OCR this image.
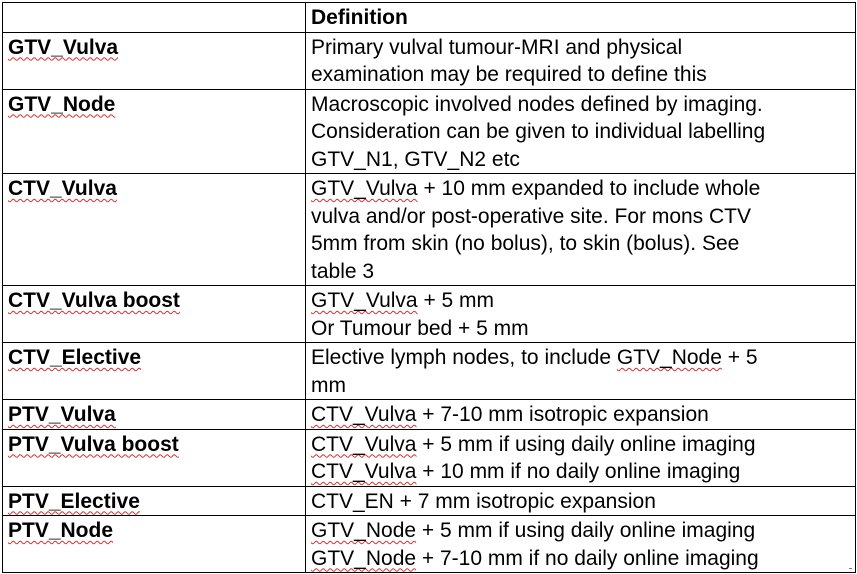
	Definition
GTV_Vulva	Primary vulval tumour-MRI and physical
examination may be required to define this

GTV_Node	Macroscopic involved nodes defined by imaging.
Consideration can be given to individual labelling
GTV_N1, GTV_N2 etc

CTV_Vulva	GTV_Vulva + 10 mm expanded to include whole
vulva and/or post-operative site. For mons CTV
5mm from skin (no bolus), to skin (bolus). See
table 3

CTV_Vulva boost	GTV_Vulva + 5 mm
Or Tumour bed + 5 mm

CTV_Elective	Elective lymph nodes, to include GTV_Node + 5
mm

PTV_Vulva	CTV_Vulva + 7-10 mm isotropic expansion

PTV_Vulva boost	CTV_Vulva + 5 mm if using daily online imaging
CTV_Vulva + 10 mm if no daily online imaging

PTV_Elective	CTV_EN + 7 mm isotropic expansion

PTV_Node	GTV_Node + 5 mm if using daily online imaging
GTV_Node + 7-10 mm if no daily online imaging
